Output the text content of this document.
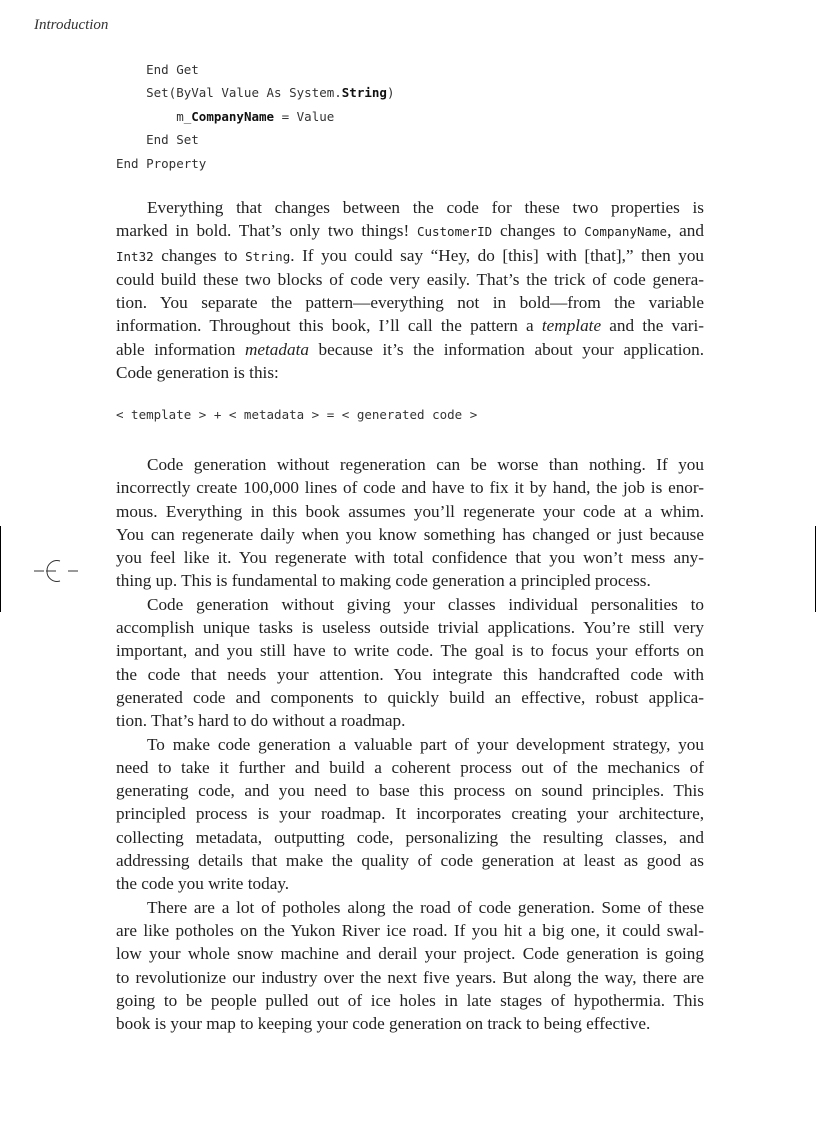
Introduction
End Get
Set(ByVal Value As System.String)
m_CompanyName = Value
End Set
End Property

Everything that changes between the code for these two properties is
marked in bold. That’s only two things! CustomerID changes to CompanyName, and
Int32 changes to String. If you could say “Hey, do [this] with [that],” then you
could build these two blocks of code very easily. That’s the trick of code genera-
tion. You separate the pattern—everything not in bold—from the variable
information. Throughout this book, I’ll call the pattern a template and the vari-
able information metadata because it’s the information about your application.
Code generation is this:

< template > + < metadata > = < generated code >

Code generation without regeneration can be worse than nothing. If you
incorrectly create 100,000 lines of code and have to fix it by hand, the job is enor-
mous. Everything in this book assumes you’ll regenerate your code at a whim.
You can regenerate daily when you know something has changed or just because
you feel like it. You regenerate with total confidence that you won’t mess any-
thing up. This is fundamental to making code generation a principled process.

Code generation without giving your classes individual personalities to
accomplish unique tasks is useless outside trivial applications. You’re still very
important, and you still have to write code. The goal is to focus your efforts on
the code that needs your attention. You integrate this handcrafted code with
generated code and components to quickly build an effective, robust applica-
tion. That’s hard to do without a roadmap.

To make code generation a valuable part of your development strategy, you
need to take it further and build a coherent process out of the mechanics of
generating code, and you need to base this process on sound principles. This
principled process is your roadmap. It incorporates creating your architecture,
collecting metadata, outputting code, personalizing the resulting classes, and
addressing details that make the quality of code generation at least as good as
the code you write today.

There are a lot of potholes along the road of code generation. Some of these
are like potholes on the Yukon River ice road. If you hit a big one, it could swal-
low your whole snow machine and derail your project. Code generation is going
to revolutionize our industry over the next five years. But along the way, there are
going to be people pulled out of ice holes in late stages of hypothermia. This
book is your map to keeping your code generation on track to being effective.
